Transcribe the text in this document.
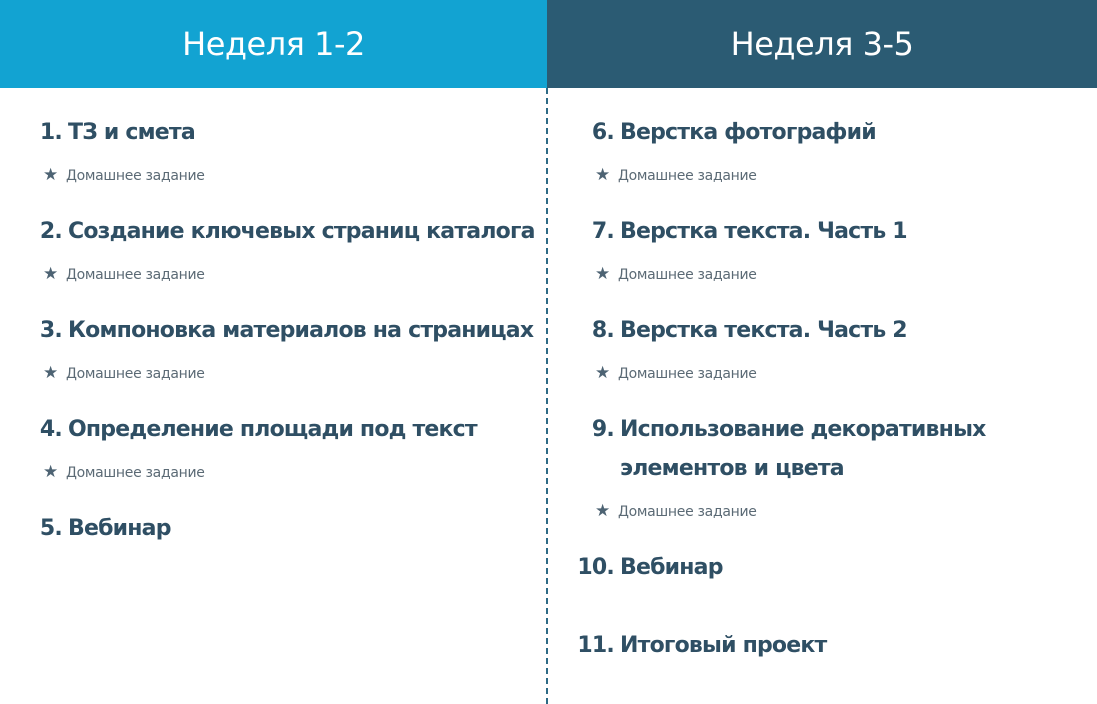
Неделя 1-2	Неделя 3-5
1. ТЗ и смета
★ Домашнее задание
2. Создание ключевых страниц каталога
★ Домашнее задание
3. Компоновка материалов на страницах
★ Домашнее задание
4. Определение площади под текст
★ Домашнее задание
5. Вебинар
6. Верстка фотографий
★ Домашнее задание
7. Верстка текста. Часть 1
★ Домашнее задание
8. Верстка текста. Часть 2
★ Домашнее задание
9. Использование декоративных
элементов и цвета
★ Домашнее задание
10. Вебинар
11. Итоговый проект
